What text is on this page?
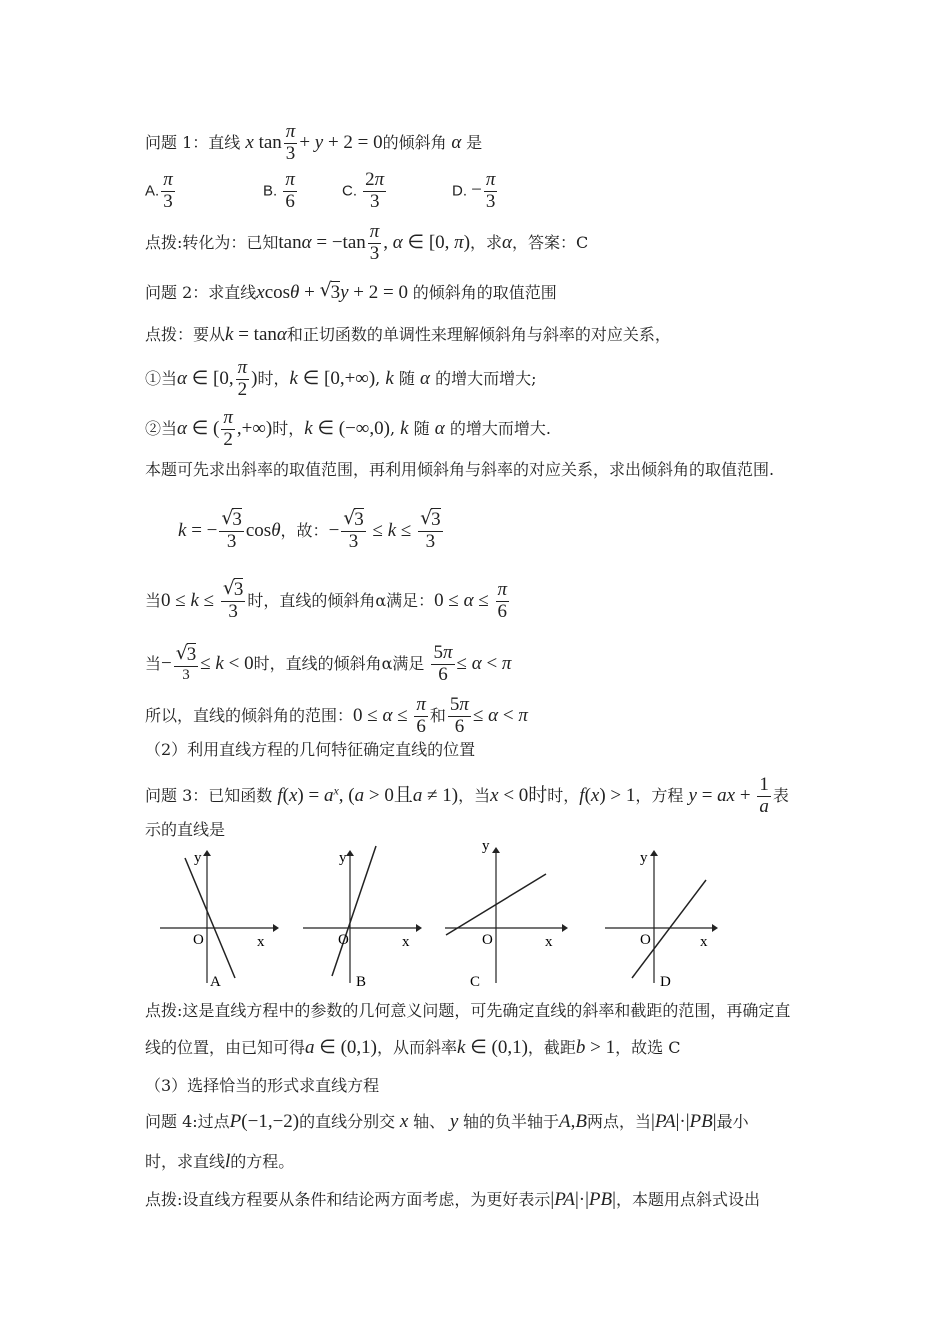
问题 1：直线 x $\tan \frac{\pi}{3} + y + 2 = 0$的倾斜角 α 是
A. $\frac{\pi}{3}$	B. $\frac{\pi}{6}$	C. $\frac{2\pi}{3}$	D. − $\frac{\pi}{3}$
点拨:转化为：已知$\tan\alpha = -\tan \frac{\pi}{3}$ , α ∈ [0, π)，求α，答案：C
问题 2：求直线xcosθ + √ 3y + 2 = 0 的倾斜角的取值范围
点拨：要从k = tanα和正切函数的单调性来理解倾斜角与斜率的对应关系，
①当α ∈ [0, $\frac{\pi}{2}$ )时，k ∈ [0,+∞), k 随 α 的增大而增大;
②当α ∈ ( $\frac{\pi}{2}$ ,+∞)时，k ∈ (−∞,0), k 随 α 的增大而增大.
本题可先求出斜率的取值范围，再利用倾斜角与斜率的对应关系，求出倾斜角的取值范围.
k = − √ $\frac{3}{3}$ cosθ，故：− √ $\frac{3}{3} \le k$ ≤ √ $\frac{3}{3}$
当0 ≤ k ≤ √ $\frac{3}{3}$ 时，直线的倾斜角α满足：$0 \le \alpha \le \frac{\pi}{6}$
当− √ $\frac{3}{3} \le k < 0$时，直线的倾斜角α满足 $\frac{5\pi}{6} \le \alpha < \pi$
所以，直线的倾斜角的范围：$0 \le \alpha \le \frac{\pi}{6}$ 和 $\frac{5\pi}{6} \le \alpha < \pi$
（2）利用直线方程的几何特征确定直线的位置
问题 3：已知函数 $f(x) = a^x$, (a > 0且a ≠ 1)，当x < 0时时，f(x) > 1，方程 y = ax + $\frac{1}{a}$ 表
示的直线是
y
O	x
A
y
O	x
B
y
O	x
C
y
O	x
D
点拨:这是直线方程中的参数的几何意义问题，可先确定直线的斜率和截距的范围，再确定直
线的位置，由已知可得a ∈ (0,1)，从而斜率k ∈ (0,1)，截距b > 1，故选 C
（3）选择恰当的形式求直线方程
问题 4:过点P(−1,−2)的直线分别交 x 轴、 y 轴的负半轴于A,B两点，当|PA|·|PB|最小
时，求直线l的方程。
点拨:设直线方程要从条件和结论两方面考虑，为更好表示|PA|·|PB|，本题用点斜式设出
